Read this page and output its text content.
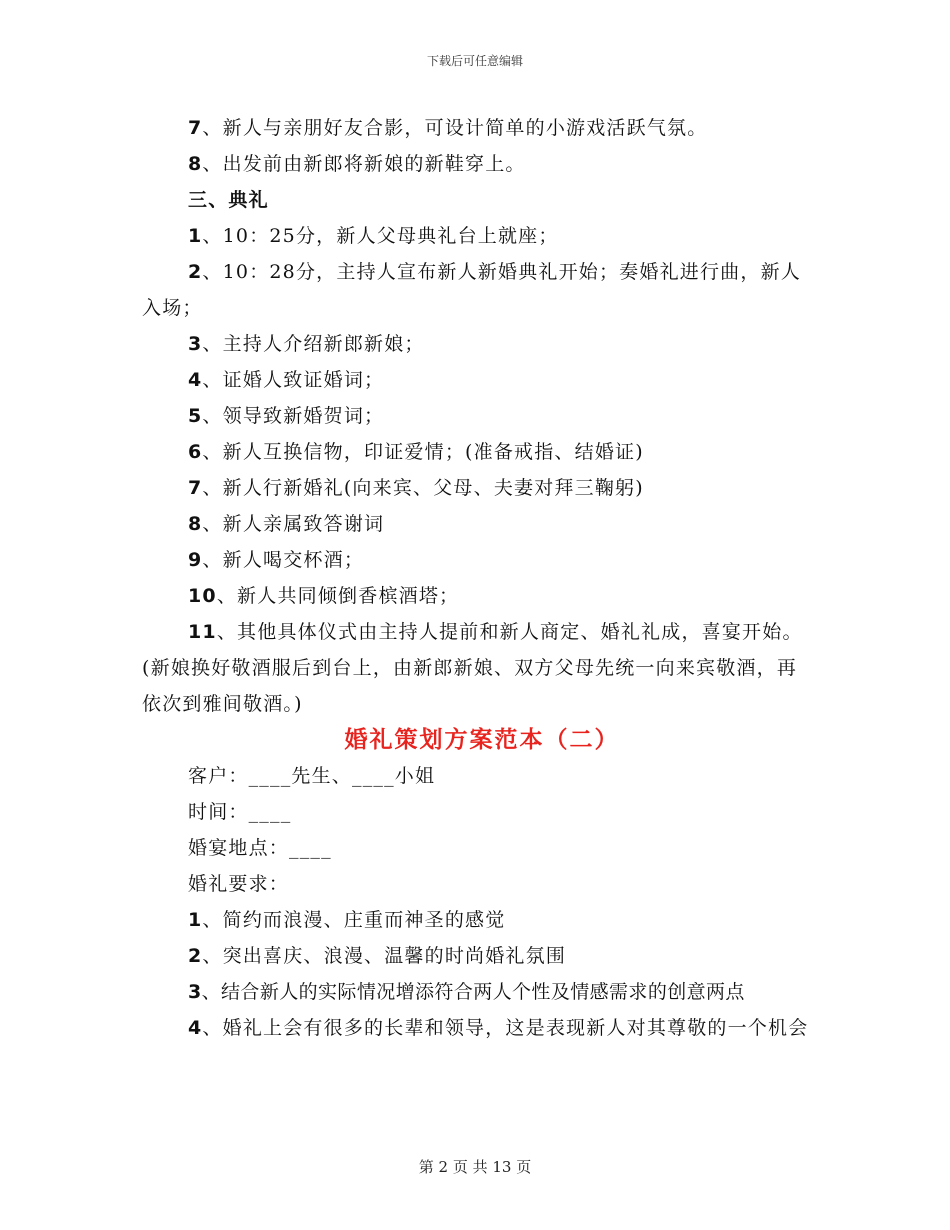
下载后可任意编辑

7、新人与亲朋好友合影，可设计简单的小游戏活跃气氛。

8、出发前由新郎将新娘的新鞋穿上。

三、典礼

1、10：25分，新人父母典礼台上就座；

2、10：28分，主持人宣布新人新婚典礼开始；奏婚礼进行曲，新人入场；

3、主持人介绍新郎新娘；

4、证婚人致证婚词；

5、领导致新婚贺词；

6、新人互换信物，印证爱情；(准备戒指、结婚证)

7、新人行新婚礼(向来宾、父母、夫妻对拜三鞠躬)

8、新人亲属致答谢词

9、新人喝交杯酒；

10、新人共同倾倒香槟酒塔；

11、其他具体仪式由主持人提前和新人商定、婚礼礼成，喜宴开始。(新娘换好敬酒服后到台上，由新郎新娘、双方父母先统一向来宾敬酒，再依次到雅间敬酒。)

婚礼策划方案范本（二）

客户：____先生、____小姐

时间：____

婚宴地点：____

婚礼要求：

1、简约而浪漫、庄重而神圣的感觉

2、突出喜庆、浪漫、温馨的时尚婚礼氛围

3、结合新人的实际情况增添符合两人个性及情感需求的创意两点

4、婚礼上会有很多的长辈和领导，这是表现新人对其尊敬的一个机会

第 2 页 共 13 页
